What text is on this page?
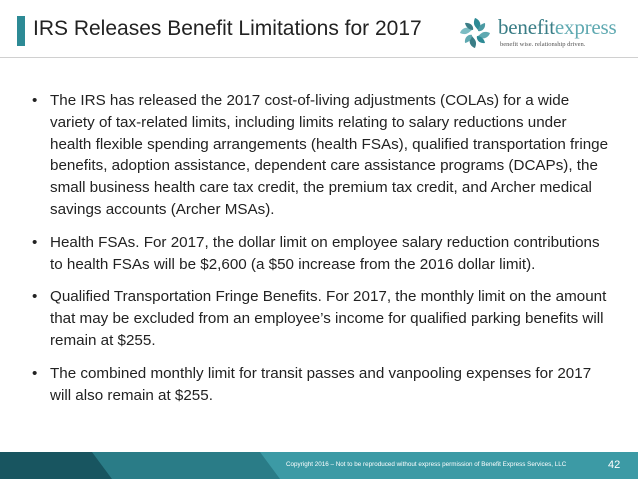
IRS Releases Benefit Limitations for 2017	benefitexpress
benefit wise. relationship driven.
• The IRS has released the 2017 cost-of-living adjustments (COLAs) for a wide variety of tax-related limits, including limits relating to salary reductions under health flexible spending arrangements (health FSAs), qualified transportation fringe benefits, adoption assistance, dependent care assistance programs (DCAPs), the small business health care tax credit, the premium tax credit, and Archer medical savings accounts (Archer MSAs).
• Health FSAs. For 2017, the dollar limit on employee salary reduction contributions to health FSAs will be $2,600 (a $50 increase from the 2016 dollar limit).
• Qualified Transportation Fringe Benefits. For 2017, the monthly limit on the amount that may be excluded from an employee’s income for qualified parking benefits will remain at $255.
• The combined monthly limit for transit passes and vanpooling expenses for 2017 will also remain at $255.
Copyright 2016 – Not to be reproduced without express permission of Benefit Express Services, LLC	42
